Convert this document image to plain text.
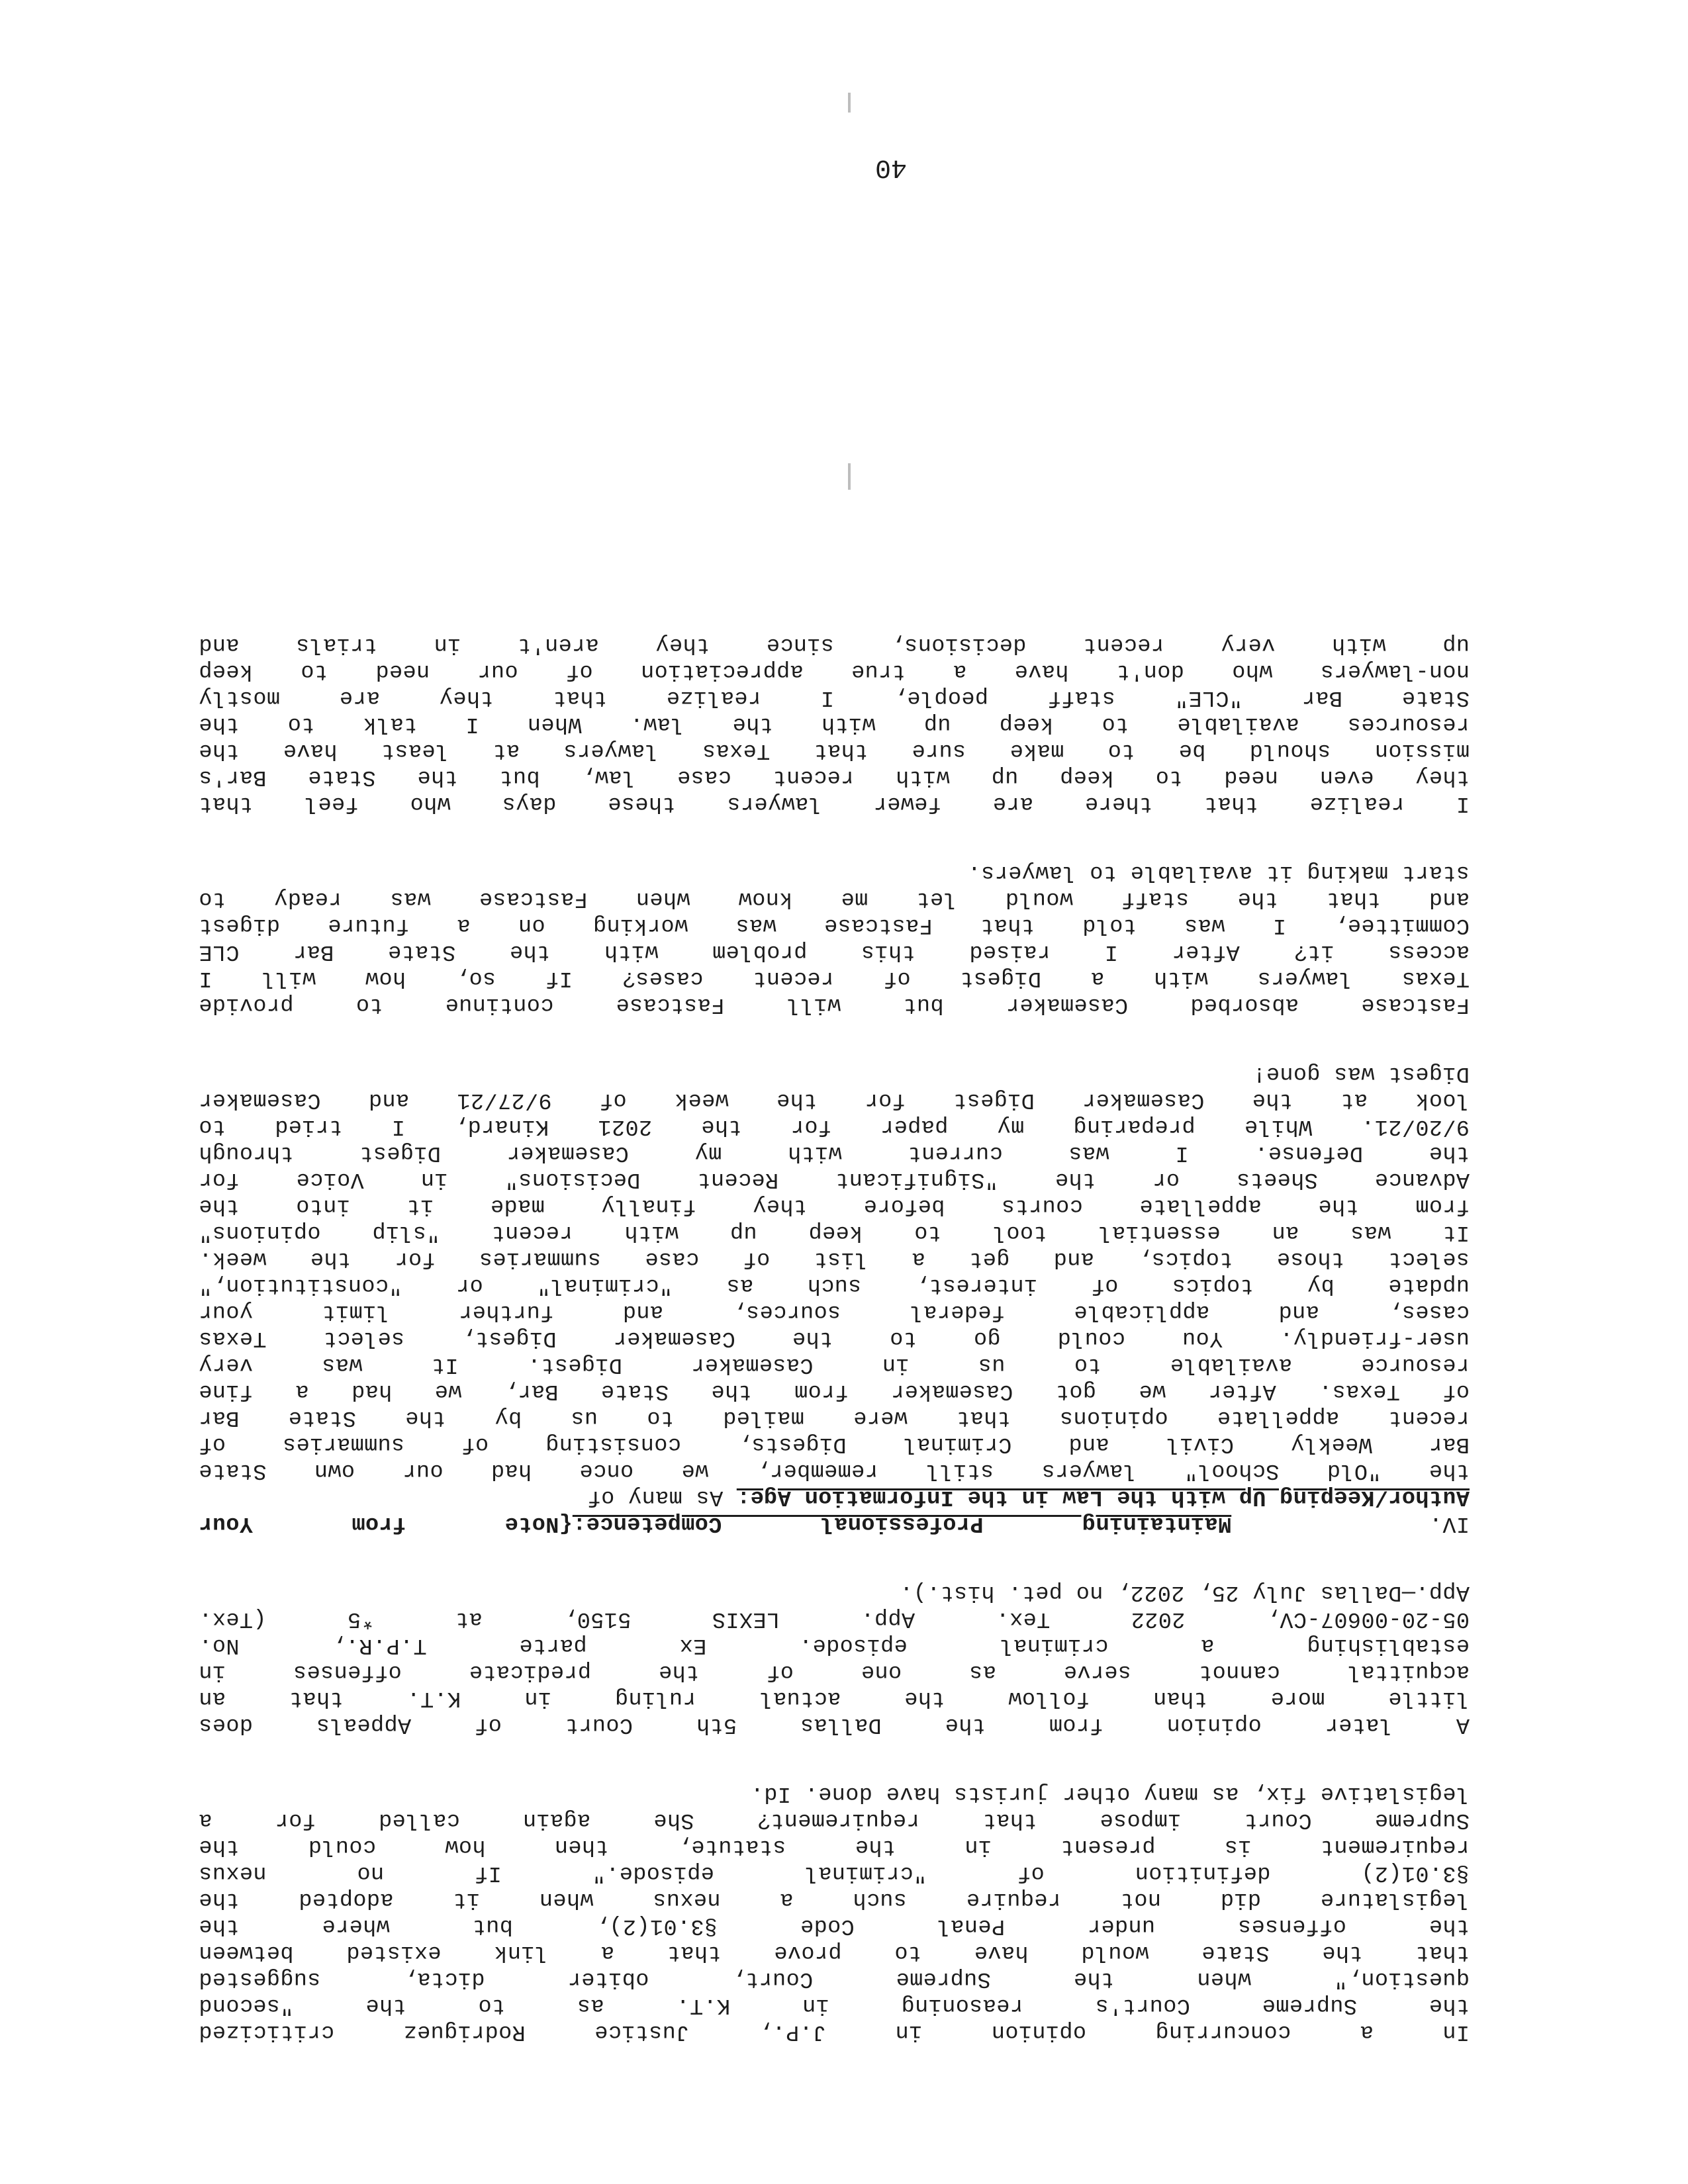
In a concurring opinion in J.P., Justice Rodriguez criticized
the Supreme Court's reasoning in K.T. as to the "second
question," when the Supreme Court, obiter dicta, suggested
that the State would have to prove that a link existed between
the offenses under Penal Code §3.01(2), but where the
legislature did not require such a nexus when it adopted the
§3.01(2) definition of "criminal episode." If no nexus
requirement is present in the statute, then how could the
Supreme Court impose that requirement? She again called for a
legislative fix, as many other jurists have done. Id.
A later opinion from the Dallas 5th Court of Appeals does
little more than follow the actual ruling in K.T. that an
acquittal cannot serve as one of the predicate offenses in
establishing a criminal episode. Ex parte T.P.R., No.
05-20-00607-CV, 2022 Tex. App. LEXIS 5150, at *5 (Tex.
App.—Dallas July 25, 2022, no pet. hist.).
IV.  Maintaining Professional Competence:{Note from Your
Author/Keeping Up with the Law in the Information Age: As many of
the "Old School" lawyers still remember, we once had our own State
Bar Weekly Civil and Criminal Digests, consisting of summaries of
recent appellate opinions that were mailed to us by the State Bar
of Texas. After we got Casemaker from the State Bar, we had a fine
resource available to us in Casemaker Digest. It was very
user-friendly. You could go to the Casemaker Digest, select Texas
cases, and applicable federal sources, and further limit your
update by topics of interest, such as "criminal" or "constitution,"
select those topics, and get a list of case summaries for the week.
It was an essential tool to keep up with recent "slip opinions"
from the appellate courts before they finally made it into the
Advance Sheets or the "Significant Recent Decisions" in Voice for
the Defense. I was current with my Casemaker Digest through
9/20/21. While preparing my paper for the 2021 Kinard, I tried to
look at the Casemaker Digest for the week of 9/27/21 and Casemaker
Digest was gone!
Fastcase absorbed Casemaker but will Fastcase continue to provide
Texas lawyers with a Digest of recent cases? If so, how will I
access it? After I raised this problem with the State Bar CLE
Committee, I was told that Fastcase was working on a future digest
and that the staff would let me know when Fastcase was ready to
start making it available to lawyers.
I realize that there are fewer lawyers these days who feel that
they even need to keep up with recent case law, but the State Bar's
mission should be to make sure that Texas lawyers at least have the
resources available to keep up with the law. When I talk to the
State Bar "CLE" staff people, I realize that they are mostly
non-lawyers who don't have a true appreciation of our need to keep
up with very recent decisions, since they aren't in trials and
40
